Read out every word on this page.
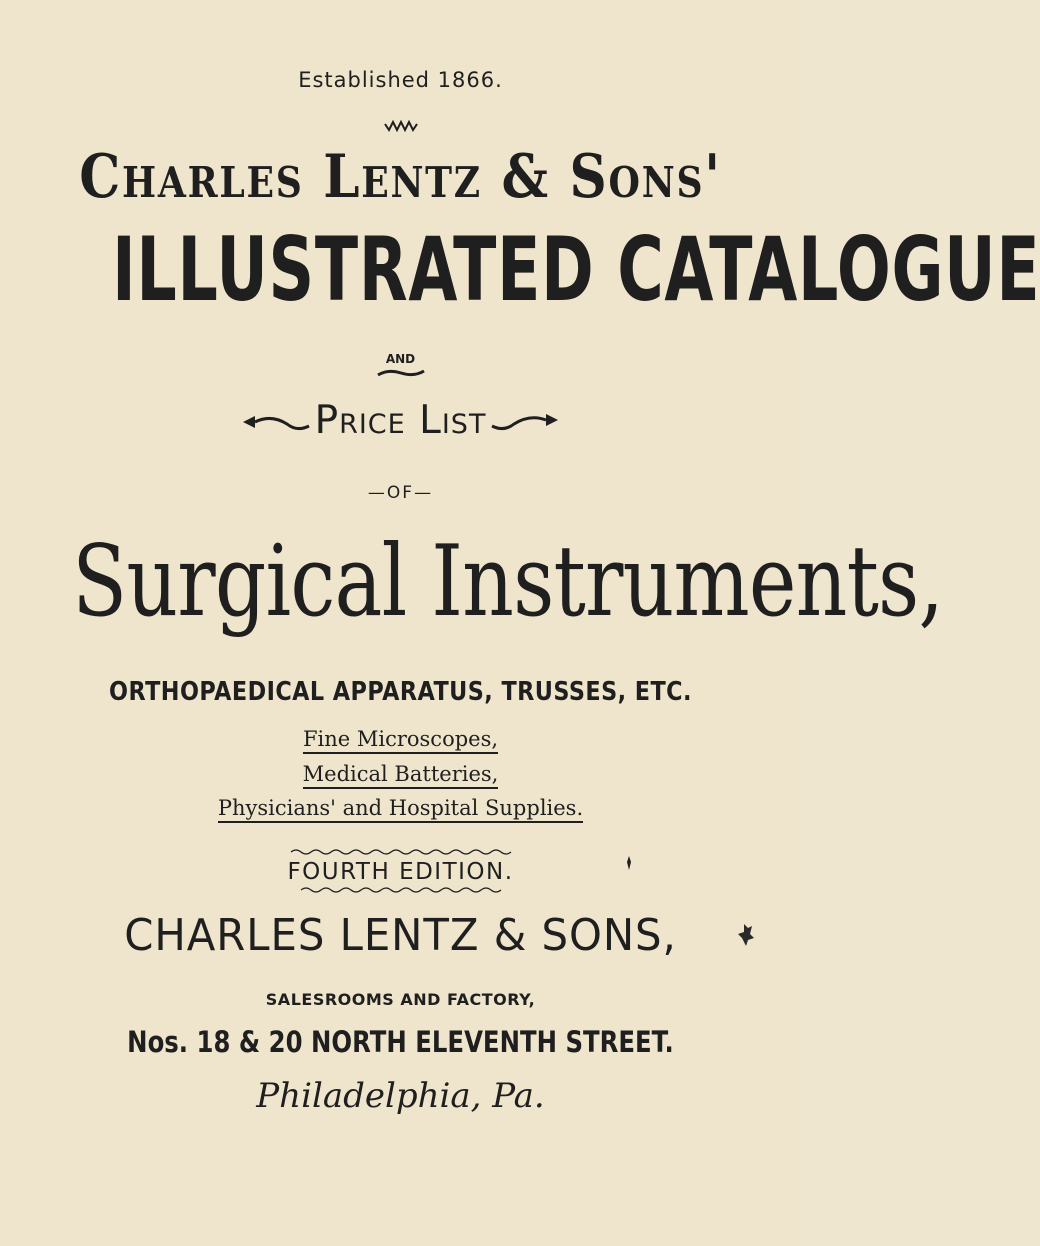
Established 1866.
Charles Lentz & Sons'
ILLUSTRATED CATALOGUE
AND
Price List
—OF—
Surgical Instruments,
ORTHOPAEDICAL APPARATUS, TRUSSES, ETC.
Fine Microscopes,
Medical Batteries,
Physicians' and Hospital Supplies.
FOURTH EDITION.
CHARLES LENTZ & SONS,
SALESROOMS AND FACTORY,
Nos. 18 & 20 NORTH ELEVENTH STREET.
Philadelphia, Pa.
